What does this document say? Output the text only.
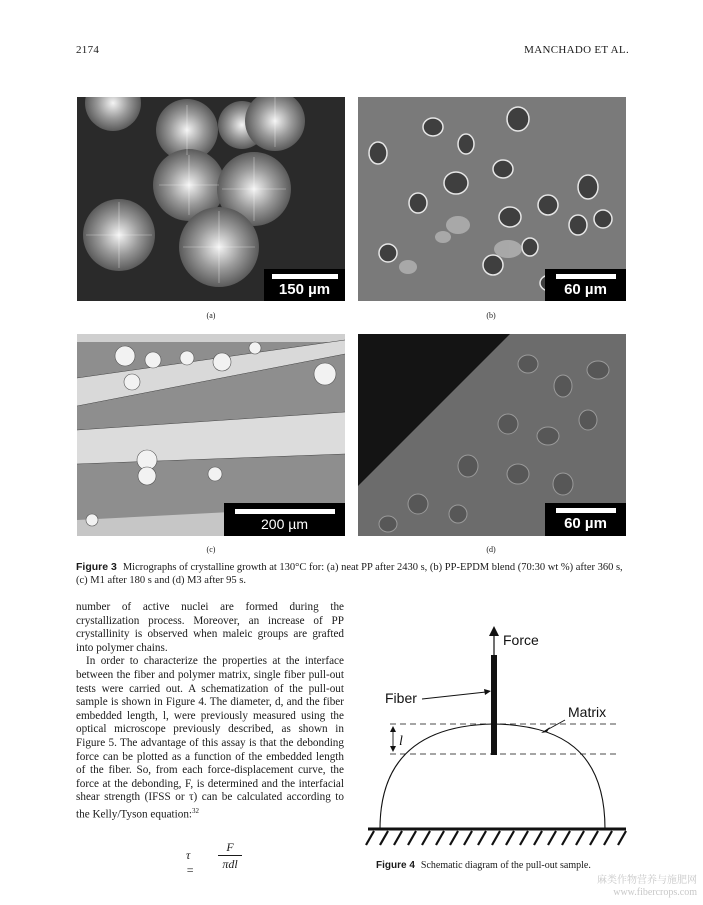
2174	MANCHADO ET AL.
150 µm
(a)
60 µm
(b)
200 µm
(c)
60 µm
(d)
Figure 3 Micrographs of crystalline growth at 130°C for: (a) neat PP after 2430 s, (b) PP-EPDM blend (70:30 wt %) after 360 s, (c) M1 after 180 s and (d) M3 after 95 s.

number of active nuclei are formed during the crystallization process. Moreover, an increase of PP crystallinity is observed when maleic groups are grafted into polymer chains.

In order to characterize the properties at the interface between the fiber and polymer matrix, single fiber pull-out tests were carried out. A schematization of the pull-out sample is shown in Figure 4. The diameter, d, and the fiber embedded length, l, were previously measured using the optical microscope previously described, as shown in Figure 5. The advantage of this assay is that the debonding force can be plotted as a function of the embedded length of the fiber. So, from each force-displacement curve, the force at the debonding, F, is determined and the interfacial shear strength (IFSS or τ) can be calculated according to the Kelly/Tyson equation:$^{32}$

τ =
F
πdl
Force
Fiber
Matrix
l
Figure 4 Schematic diagram of the pull-out sample.
麻类作物营养与施肥网
www.fibercrops.com
